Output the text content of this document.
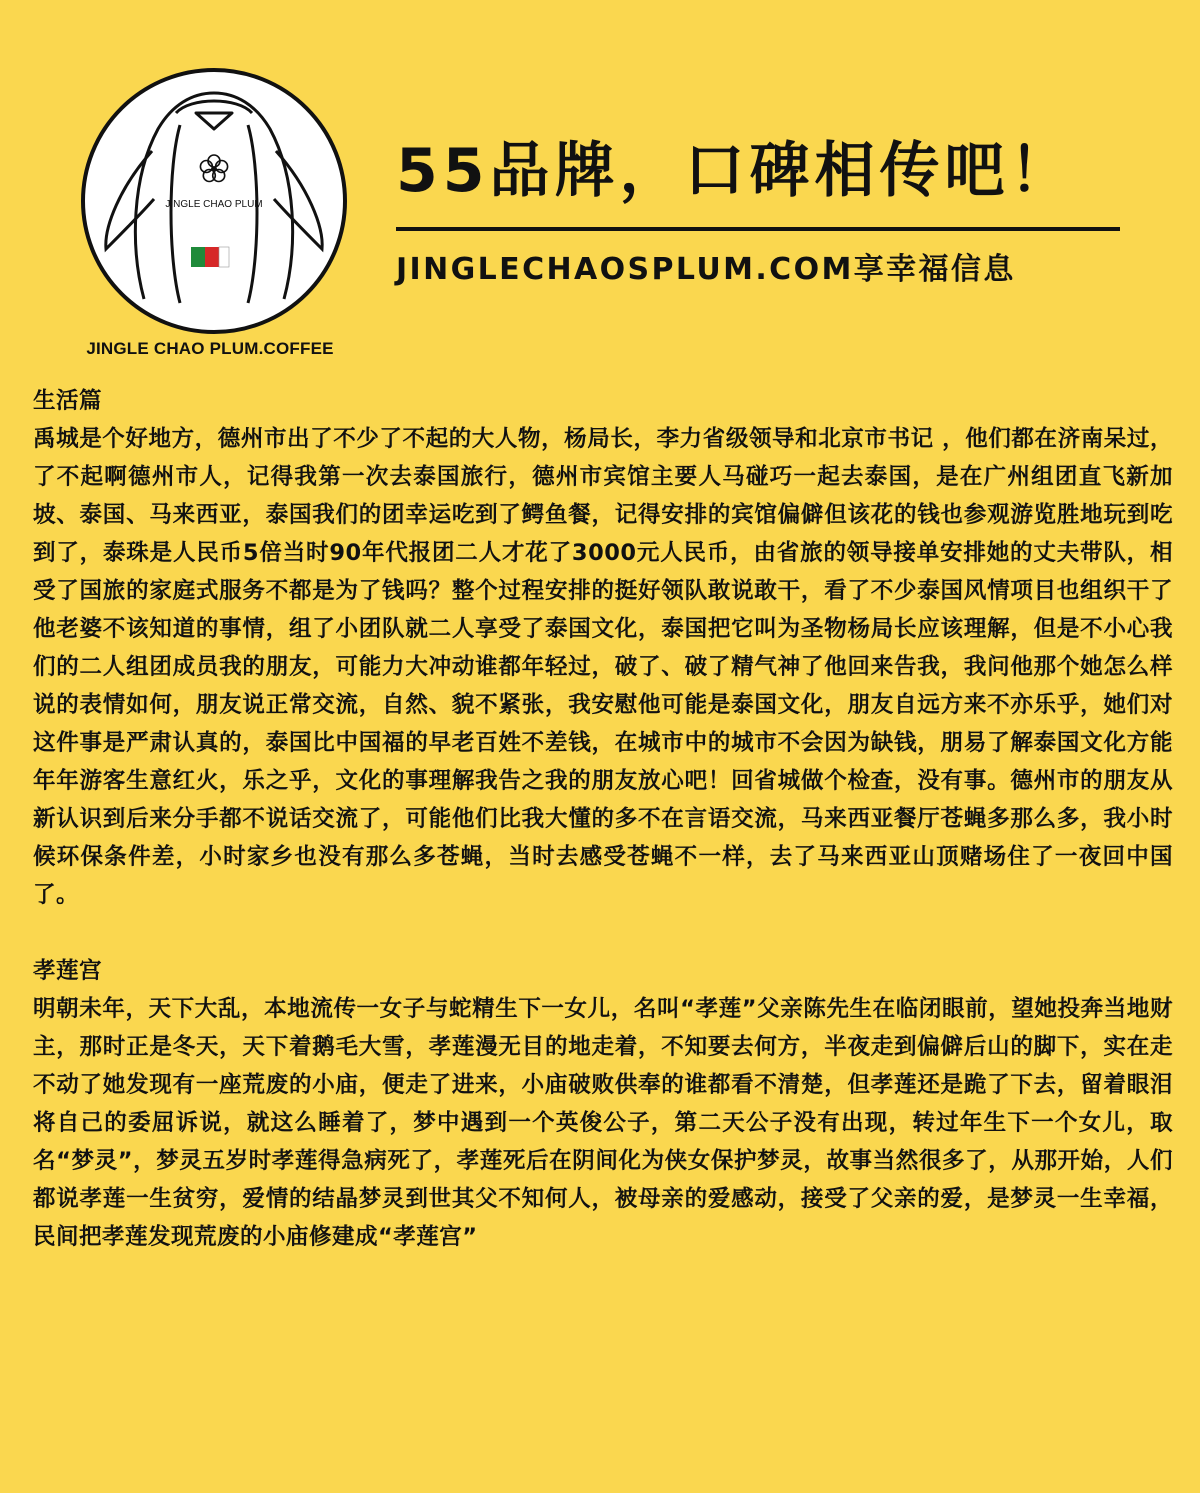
JINGLE CHAO PLUM
JINGLE CHAO PLUM.COFFEE
55品牌，口碑相传吧！
JINGLECHAOSPLUM.COM享幸福信息

生活篇

禹城是个好地方，德州市出了不少了不起的大人物，杨局长，李力省级领导和北京市书记 ，他们都在济南呆过，了不起啊德州市人，记得我第一次去泰国旅行，德州市宾馆主要人马碰巧一起去泰国，是在广州组团直飞新加坡、泰国、马来西亚，泰国我们的团幸运吃到了鳄鱼餐，记得安排的宾馆偏僻但该花的钱也参观游览胜地玩到吃到了，泰珠是人民币5倍当时90年代报团二人才花了3000元人民币，由省旅的领导接单安排她的丈夫带队，相受了国旅的家庭式服务不都是为了钱吗？整个过程安排的挺好领队敢说敢干，看了不少泰国风情项目也组织干了他老婆不该知道的事情，组了小团队就二人享受了泰国文化，泰国把它叫为圣物杨局长应该理解，但是不小心我们的二人组团成员我的朋友，可能力大冲动谁都年轻过，破了、破了精气神了他回来告我，我问他那个她怎么样说的表情如何，朋友说正常交流，自然、貌不紧张，我安慰他可能是泰国文化，朋友自远方来不亦乐乎，她们对这件事是严肃认真的，泰国比中国福的早老百姓不差钱，在城市中的城市不会因为缺钱，朋易了解泰国文化方能年年游客生意红火，乐之乎，文化的事理解我告之我的朋友放心吧！回省城做个检查，没有事。德州市的朋友从新认识到后来分手都不说话交流了，可能他们比我大懂的多不在言语交流，马来西亚餐厅苍蝇多那么多，我小时候环保条件差，小时家乡也没有那么多苍蝇，当时去感受苍蝇不一样，去了马来西亚山顶赌场住了一夜回中国了。

孝莲宫

明朝未年，天下大乱，本地流传一女子与蛇精生下一女儿，名叫“孝莲”父亲陈先生在临闭眼前，望她投奔当地财主，那时正是冬天，天下着鹅毛大雪，孝莲漫无目的地走着，不知要去何方，半夜走到偏僻后山的脚下，实在走不动了她发现有一座荒废的小庙，便走了进来，小庙破败供奉的谁都看不清楚，但孝莲还是跪了下去，留着眼泪将自己的委屈诉说，就这么睡着了，梦中遇到一个英俊公子，第二天公子没有出现，转过年生下一个女儿，取名“梦灵”，梦灵五岁时孝莲得急病死了，孝莲死后在阴间化为侠女保护梦灵，故事当然很多了，从那开始，人们都说孝莲一生贫穷，爱情的结晶梦灵到世其父不知何人，被母亲的爱感动，接受了父亲的爱，是梦灵一生幸福，民间把孝莲发现荒废的小庙修建成“孝莲宫”
